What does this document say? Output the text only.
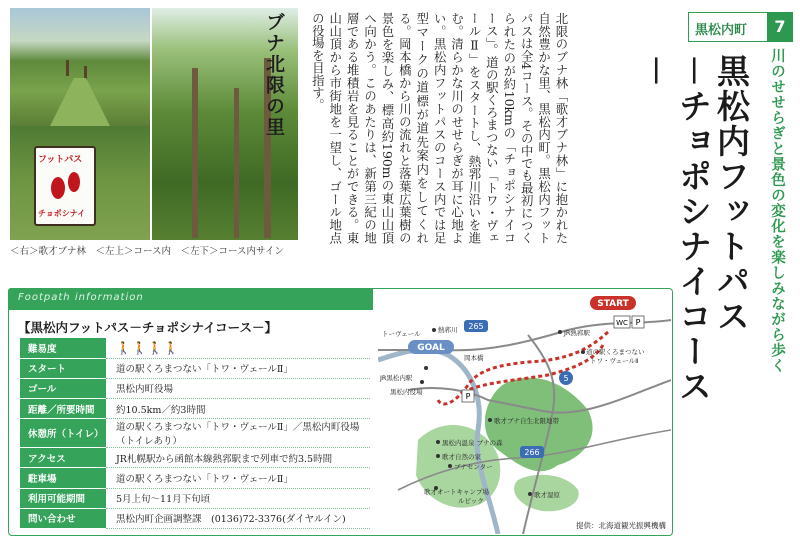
フットパス
チョポシナイ
＜右＞歌才ブナ林　＜左上＞コース内　＜左下＞コース内サイン
ブナ北限の里	北限のブナ林「歌才ブナ林」に抱かれた自然豊かな里、黒松内町。黒松内フットパスは全4コース。その中でも最初につくられたのが約10kmの「チョポシナイコース」。道の駅くろまつない「トワ・ヴェールⅡ」をスタートし、熱郛川沿いを進む。清らかな川のせせらぎが耳に心地よい。黒松内フットパスのコース内では足型マークの道標が道先案内をしてくれる。岡本橋から川の流れと落葉広葉樹の景色を楽しみ、標高約190mの東山山頂へ向かう。このあたりは、新第三紀の地層である堆積岩を見ることができる。東山山頂から市街地を一望し、ゴール地点の役場を目指す。	黒松内町	7
黒松内フットパス
－チョポシナイコース－	川のせせらぎと景色の変化を楽しみながら歩く
Footpath information
【黒松内フットパス－チョポシナイコース－】
難易度	🚶🚶🚶🚶
スタート	道の駅くろまつない「トワ・ヴェールⅡ」
ゴール	黒松内町役場
距離／所要時間	約10.5km／約3時間
休憩所（トイレ）	道の駅くろまつない「トワ・ヴェールⅡ」／黒松内町役場（トイレあり）
アクセス	JR札幌駅から函館本線熱郛駅まで列車で約3.5時間
駐車場	道の駅くろまつない「トワ・ヴェールⅡ」
利用可能期間	5月上旬～11月下旬頃
問い合わせ	黒松内町企画調整課　(0136)72-3376(ダイヤルイン)
START
GOAL
WC P
P
265
5
266
JR熱郛駅
熱郛川
道の駅くろまつない
トワ・ヴェールⅡ
岡本橋
トーヴェール
JR黒松内駅
黒松内役場
歌才ブナ自生北限地帯
黒松内温泉 ブナの森
歌才自然の家
ブナセンター
歌才オートキャンプ場
ルピック
歌才湿原
提供：北海道観光振興機構
